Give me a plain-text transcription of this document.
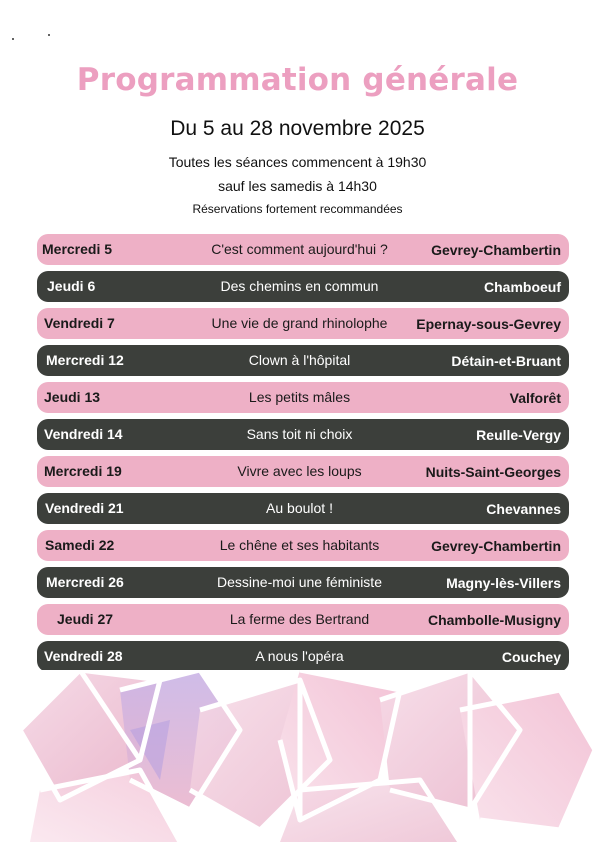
Programmation générale
Du 5 au 28 novembre 2025
Toutes les séances commencent à 19h30
sauf les samedis à 14h30
Réservations fortement recommandées
Mercredi 5	C'est comment aujourd'hui ?	Gevrey-Chambertin
Jeudi 6	Des chemins en commun	Chamboeuf
Vendredi 7	Une vie de grand rhinolophe	Epernay-sous-Gevrey
Mercredi 12	Clown à l'hôpital	Détain-et-Bruant
Jeudi 13	Les petits mâles	Valforêt
Vendredi 14	Sans toit ni choix	Reulle-Vergy
Mercredi 19	Vivre avec les loups	Nuits-Saint-Georges
Vendredi 21	Au boulot !	Chevannes
Samedi 22	Le chêne et ses habitants	Gevrey-Chambertin
Mercredi 26	Dessine-moi une féministe	Magny-lès-Villers
Jeudi 27	La ferme des Bertrand	Chambolle-Musigny
Vendredi 28	A nous l'opéra	Couchey
